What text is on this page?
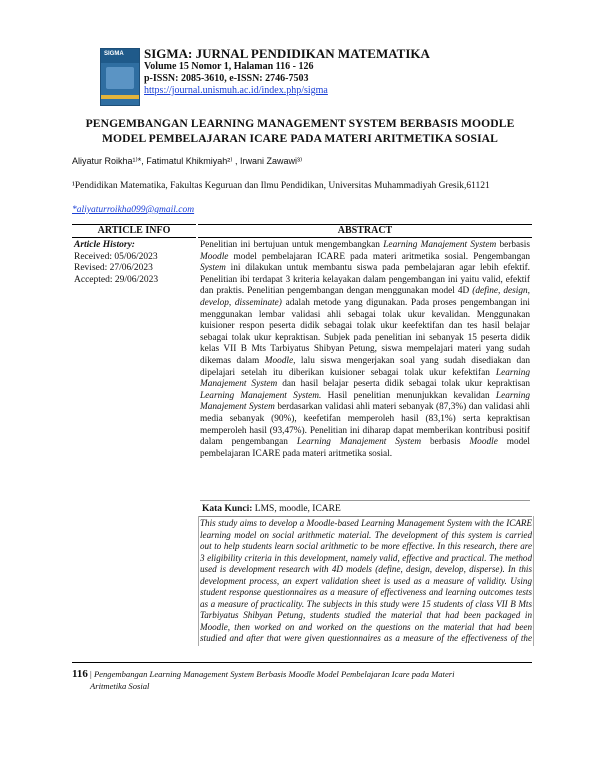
SIGMA SIGMA: JURNAL PENDIDIKAN MATEMATIKA
Volume 15 Nomor 1, Halaman 116 - 126
p-ISSN: 2085-3610, e-ISSN: 2746-7503
https://journal.unismuh.ac.id/index.php/sigma
PENGEMBANGAN LEARNING MANAGEMENT SYSTEM BERBASIS MOODLE
MODEL PEMBELAJARAN ICARE PADA MATERI ARITMETIKA SOSIAL
Aliyatur Roikha¹⁾*, Fatimatul Khikmiyah²⁾ , Irwani Zawawi³⁾
¹Pendidikan Matematika, Fakultas Keguruan dan Ilmu Pendidikan, Universitas Muhammadiyah Gresik,61121
*aliyaturroikha099@gmail.com
ARTICLE INFO	ABSTRACT
Article History:
Received: 05/06/2023
Revised: 27/06/2023
Accepted: 29/06/2023
Penelitian ini bertujuan untuk mengembangkan Learning Manajement System berbasis Moodle model pembelajaran ICARE pada materi aritmetika sosial. Pengembangan System ini dilakukan untuk membantu siswa pada pembelajaran agar lebih efektif. Penelitian ibi terdapat 3 kriteria kelayakan dalam pengembangan ini yaitu valid, efektif dan praktis. Penelitian pengembangan dengan menggunakan model 4D (define, design, develop, disseminate) adalah metode yang digunakan. Pada proses pengembangan ini menggunakan lembar validasi ahli sebagai tolak ukur kevalidan. Menggunakan kuisioner respon peserta didik sebagai tolak ukur keefektifan dan tes hasil belajar sebagai tolak ukur kepraktisan. Subjek pada penelitian ini sebanyak 15 peserta didik kelas VII B Mts Tarbiyatus Shibyan Petung, siswa mempelajari materi yang sudah dikemas dalam Moodle, lalu siswa mengerjakan soal yang sudah disediakan dan dipelajari setelah itu diberikan kuisioner sebagai tolak ukur kefektifan Learning Manajement System dan hasil belajar peserta didik sebagai tolak ukur kepraktisan Learning Manajement System. Hasil penelitian menunjukkan kevalidan Learning Manajement System berdasarkan validasi ahli materi sebanyak (87,3%) dan validasi ahli media sebanyak (90%), keefetifan memperoleh hasil (83,1%) serta kepraktisan memperoleh hasil (93,47%). Penelitian ini diharap dapat memberikan kontribusi positif dalam pengembangan Learning Manajement System berbasis Moodle model pembelajaran ICARE pada materi aritmetika sosial.
Kata Kunci: LMS, moodle, ICARE
This study aims to develop a Moodle-based Learning Management System with the ICARE learning model on social arithmetic material. The development of this system is carried out to help students learn social arithmetic to be more effective. In this research, there are 3 eligibility criteria in this development, namely valid, effective and practical. The method used is development research with 4D models (define, design, develop, disperse). In this development process, an expert validation sheet is used as a measure of validity. Using student response questionnaires as a measure of effectiveness and learning outcomes tests as a measure of practicality. The subjects in this study were 15 students of class VII B Mts Tarbiyatus Shibyan Petung, students studied the material that had been packaged in Moodle, then worked on and worked on the questions on the material that had been studied and after that were given questionnaires as a measure of the effectiveness of the
116 | Pengembangan Learning Management System Berbasis Moodle Model Pembelajaran Icare pada Materi
Aritmetika Sosial
